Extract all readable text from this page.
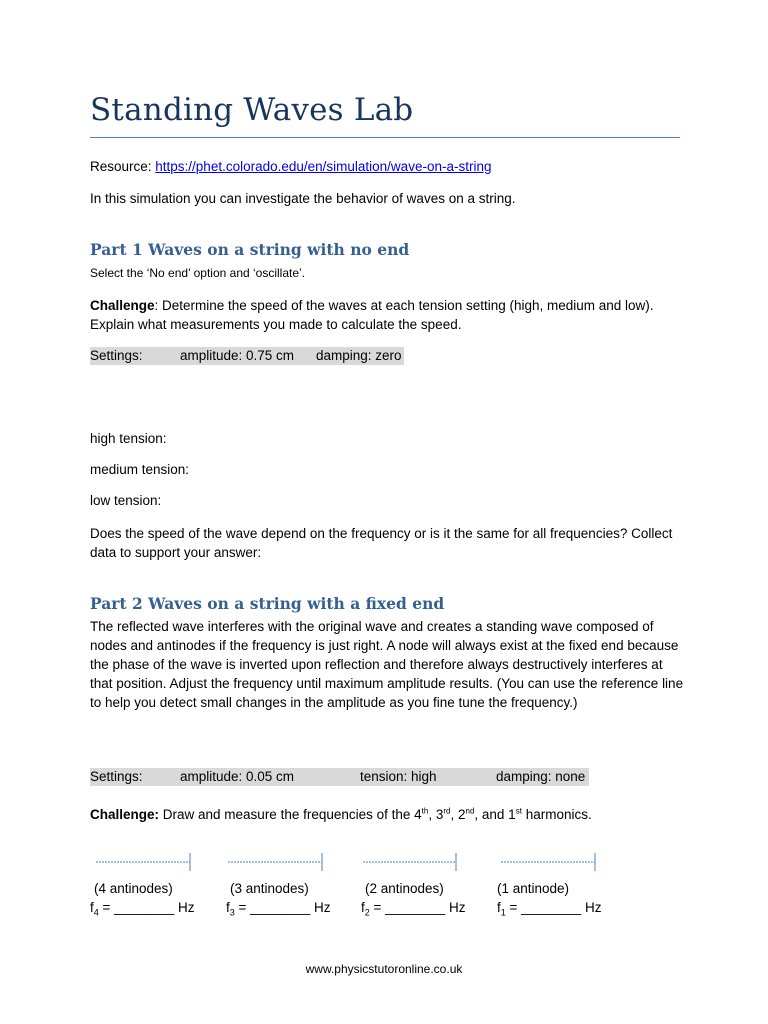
Standing Waves Lab

Resource: https://phet.colorado.edu/en/simulation/wave-on-a-string

In this simulation you can investigate the behavior of waves on a string.

Part 1 Waves on a string with no end

Select the ‘No end’ option and ‘oscillate’.

Challenge: Determine the speed of the waves at each tension setting (high, medium and low). Explain what measurements you made to calculate the speed.

Settings:	amplitude: 0.75 cm damping: zero

high tension:

medium tension:

low tension:

Does the speed of the wave depend on the frequency or is it the same for all frequencies? Collect data to support your answer:

Part 2 Waves on a string with a fixed end

The reflected wave interferes with the original wave and creates a standing wave composed of nodes and antinodes if the frequency is just right. A node will always exist at the fixed end because the phase of the wave is inverted upon reflection and therefore always destructively interferes at that position. Adjust the frequency until maximum amplitude results. (You can use the reference line to help you detect small changes in the amplitude as you fine tune the frequency.)

Settings:	amplitude: 0.05 cm	tension: high	damping: none

Challenge: Draw and measure the frequencies of the 4th, 3rd, 2nd, and 1st harmonics.

(4 antinodes)
$f_4$ = ________ Hz
(3 antinodes)
$f_3$ = ________ Hz
(2 antinodes)
$f_2$ = ________ Hz
(1 antinode)
$f_1$ = ________ Hz
www.physicstutoronline.co.uk
